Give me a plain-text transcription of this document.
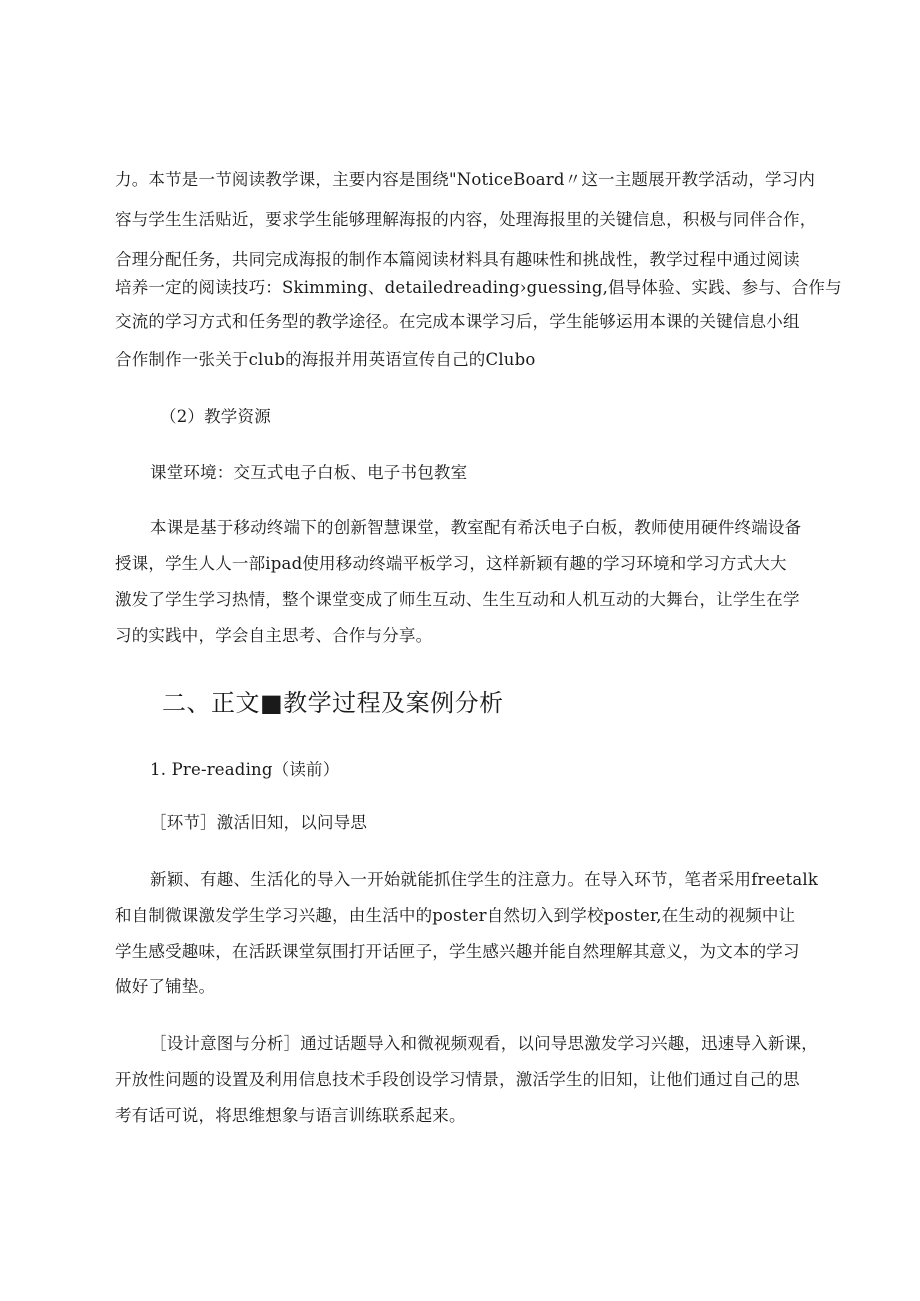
力。本节是一节阅读教学课，主要内容是围绕"NoticeBoard〃这一主题展开教学活动，学习内
容与学生生活贴近，要求学生能够理解海报的内容，处理海报里的关键信息，积极与同伴合作，
合理分配任务，共同完成海报的制作本篇阅读材料具有趣味性和挑战性，教学过程中通过阅读
培养一定的阅读技巧：Skimming、detailedreading›guessing,倡导体验、实践、参与、合作与
交流的学习方式和任务型的教学途径。在完成本课学习后，学生能够运用本课的关键信息小组
合作制作一张关于club的海报并用英语宣传自己的Clubo
（2）教学资源
课堂环境：交互式电子白板、电子书包教室
本课是基于移动终端下的创新智慧课堂，教室配有希沃电子白板，教师使用硬件终端设备
授课，学生人人一部ipad使用移动终端平板学习，这样新颖有趣的学习环境和学习方式大大
激发了学生学习热情，整个课堂变成了师生互动、生生互动和人机互动的大舞台，让学生在学
习的实践中，学会自主思考、合作与分享。
二、正文■教学过程及案例分析
1. Pre-reading（读前）
［环节］激活旧知，以问导思
新颖、有趣、生活化的导入一开始就能抓住学生的注意力。在导入环节，笔者采用freetalk
和自制微课激发学生学习兴趣，由生活中的poster自然切入到学校poster,在生动的视频中让
学生感受趣味，在活跃课堂氛围打开话匣子，学生感兴趣并能自然理解其意义，为文本的学习
做好了铺垫。
［设计意图与分析］通过话题导入和微视频观看，以问导思激发学习兴趣，迅速导入新课，
开放性问题的设置及利用信息技术手段创设学习情景，激活学生的旧知，让他们通过自己的思
考有话可说，将思维想象与语言训练联系起来。
